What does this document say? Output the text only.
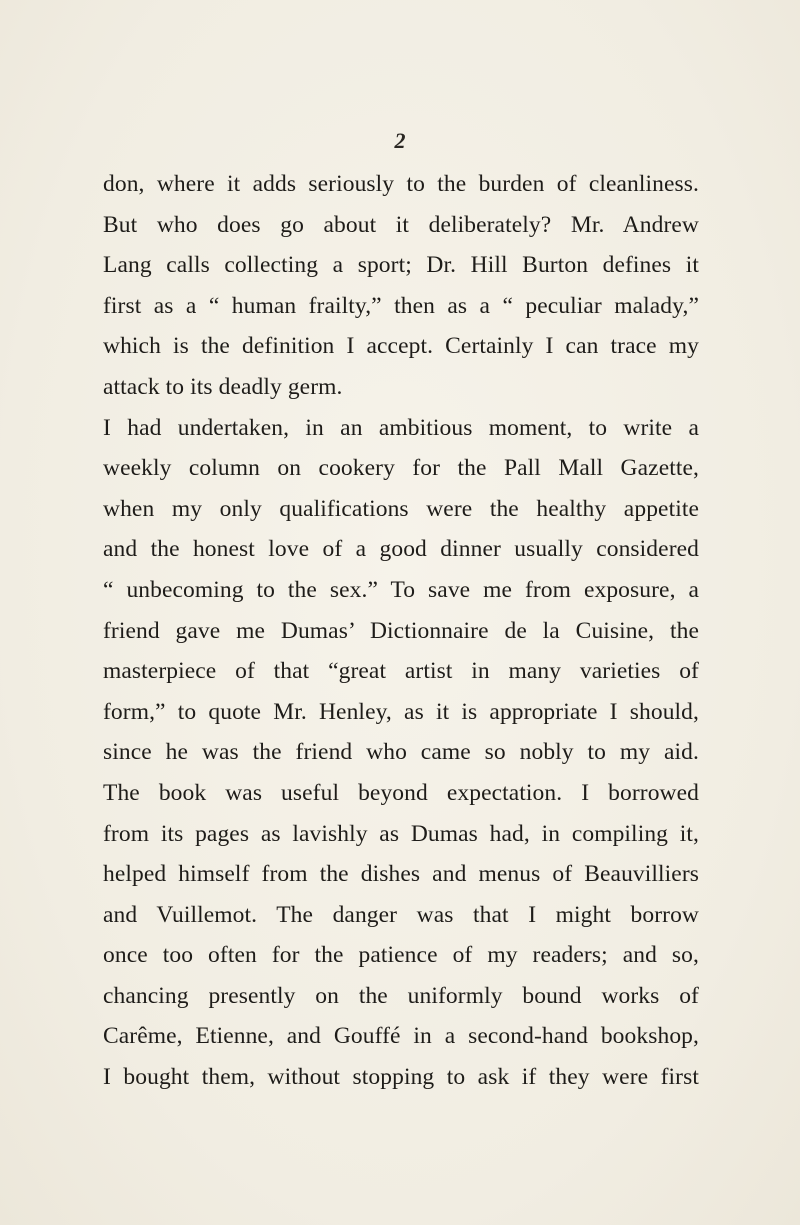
2
don, where it adds seriously to the burden of cleanliness.
But who does go about it deliberately? Mr. Andrew
Lang calls collecting a sport; Dr. Hill Burton defines it
first as a “ human frailty,” then as a “ peculiar malady,”
which is the definition I accept. Certainly I can trace my
attack to its deadly germ.
I had undertaken, in an ambitious moment, to write a
weekly column on cookery for the Pall Mall Gazette,
when my only qualifications were the healthy appetite
and the honest love of a good dinner usually considered
“ unbecoming to the sex.” To save me from exposure, a
friend gave me Dumas’ Dictionnaire de la Cuisine, the
masterpiece of that “great artist in many varieties of
form,” to quote Mr. Henley, as it is appropriate I should,
since he was the friend who came so nobly to my aid.
The book was useful beyond expectation. I borrowed
from its pages as lavishly as Dumas had, in compiling it,
helped himself from the dishes and menus of Beauvilliers
and Vuillemot. The danger was that I might borrow
once too often for the patience of my readers; and so,
chancing presently on the uniformly bound works of
Carême, Etienne, and Gouffé in a second-hand bookshop,
I bought them, without stopping to ask if they were first
